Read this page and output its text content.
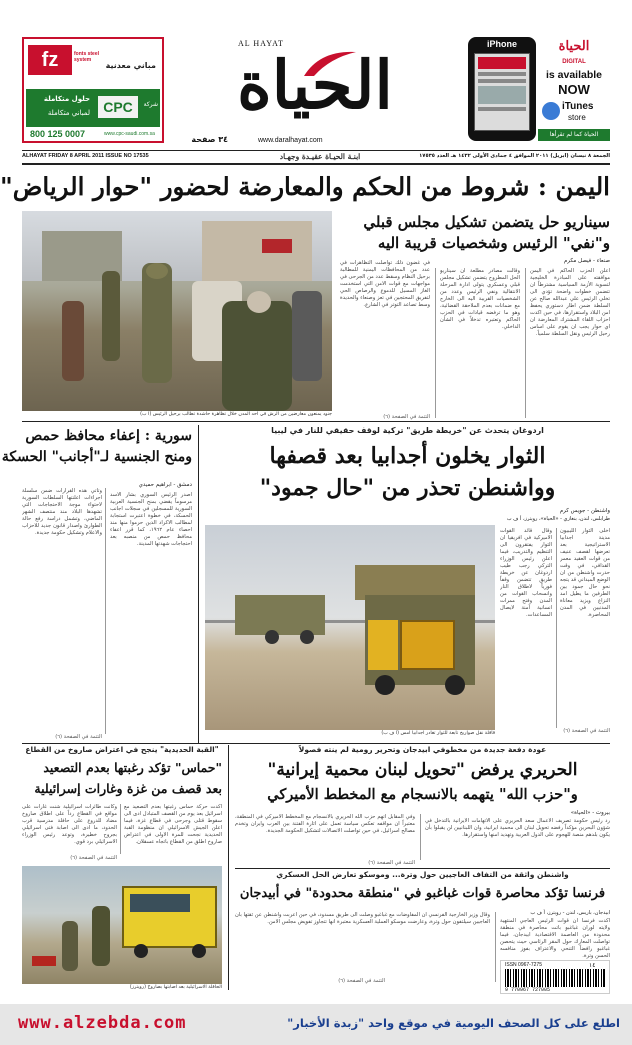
fz	fonts steel system
مباني معدنية
حلول متكاملة
لمباني متكاملة CPC	شركة
800 125 0007	www.cpc-saudi.com.sa
AL HAYAT
الحياة
www.daralhayat.com
٣٤ صفحة
iPhone	الحياة
DIGITAL
is available
NOW
iTunes
store
الحياة كما لم تقرأها
ALHAYAT FRIDAY 8 APRIL 2011 ISSUE NO 17535	ابنـة الحيـاة عقيـدة وجهـاد	الجمعة ٨ نيسان (ابريل) ٢٠١١ الموافق ٤ جمادى الأولى ١٤٣٢ هـ العدد ١٧٥٣٥
اليمن : شروط من الحكم والمعارضة لحضور "حوار الرياض"
سيناريو حل يتضمن تشكيل مجلس قبلي
و"نفي" الرئيس وشخصيات قريبة اليه
جنود يمنعون معارضين من الرش في احد المدن خلال تظاهرة حاشدة تطالب برحيل الرئيس (ا ب)
صنعاء - فيصل مكرم
اعلن الحزب الحاكم في اليمن موافقته على المبادرة الخليجية لتسوية الأزمة السياسية مشترطاً ان تتضمن خطوات واضحة تؤدي الى تخلي الرئيس علي عبدالله صالح عن السلطة ضمن اطار دستوري يحفظ امن البلاد واستقرارها، في حين اكدت احزاب اللقاء المشترك المعارضة ان اي حوار يجب ان يقوم على اساس رحيل الرئيس ونقل السلطة سلمياً.
وقالت مصادر مطلعة ان سيناريو الحل المطروح يتضمن تشكيل مجلس قبلي وعسكري يتولى ادارة المرحلة الانتقالية ونفي الرئيس وعدد من الشخصيات القريبة اليه الى الخارج مع ضمانات بعدم الملاحقة القضائية، وهو ما ترفضه قيادات في الحزب الحاكم وتعتبره تدخلاً في الشأن الداخلي.
في غضون ذلك تواصلت التظاهرات في عدد من المحافظات اليمنية للمطالبة برحيل النظام وسقط عدد من الجرحى في مواجهات مع قوات الامن التي استخدمت الغاز المسيل للدموع والرصاص الحي لتفريق المحتجين في تعز وصنعاء والحديدة وسط تصاعد التوتر في الشارع.
التتمة في الصفحة (٦)
سورية : إعفاء محافظ حمص
ومنح الجنسية لـ"أجانب" الحسكة
دمشق - ابراهيم حميدي
اصدر الرئيس السوري بشار الاسد مرسوماً يقضي بمنح الجنسية العربية السورية للمسجلين في سجلات اجانب الحسكة، في خطوة اعتبرت استجابة لمطالب الاكراد الذين حرموا منها منذ احصاء عام ١٩٦٢، كما قرر اعفاء محافظ حمص من منصبه بعد احتجاجات شهدتها المدينة.
وتأتي هذه القرارات ضمن سلسلة اجراءات اعلنتها السلطات السورية لاحتواء موجة الاحتجاجات التي تشهدها البلاد منذ منتصف الشهر الماضي، وتشمل دراسة رفع حالة الطوارئ واصدار قانون جديد للاحزاب والاعلام وتشكيل حكومة جديدة.
التتمة في الصفحة (٦)
اردوغان يتحدث عن "خريطة طريق" تركية لوقف حقيقي للنار في ليبيا
الثوار يخلون أجدابيا بعد قصفها
وواشنطن تحذر من "حال جمود"
واشنطن - جويس كرم
طرابلس، لندن، بنغازي - «الحياة»، رويترز، أ ف ب
اخلى الثوار الليبيون مدينة اجدابيا الاستراتيجية بعد تعرضها لقصف عنيف من قوات العقيد معمر القذافي، في وقت حذرت واشنطن من ان الوضع الميداني قد يتجه نحو حال جمود بين الطرفين ما يطيل امد النزاع ويزيد معاناة المدنيين في المدن المحاصرة.
وقال قائد القوات الاميركية في افريقيا ان الثوار يفتقرون الى التنظيم والتدريب، فيما اعلن رئيس الوزراء التركي رجب طيب اردوغان عن خريطة طريق تتضمن وقفاً فورياً لاطلاق النار وانسحاب القوات من المدن وفتح ممرات انسانية آمنة لايصال المساعدات.
التتمة في الصفحة (٦)
قافلة نقل صواريخ تابعة للثوار تغادر اجدابيا امس (ا ف ب)
"القبة الحديدية" ينجح في اعتراض صاروخ من القطاع
"حماس" تؤكد رغبتها بعدم التصعيد
بعد قصف من غزة وغارات إسرائيلية
اكدت حركة حماس رغبتها بعدم التصعيد مع اسرائيل بعد يوم من القصف المتبادل ادى الى سقوط قتلى وجرحى في قطاع غزة، فيما اعلن الجيش الاسرائيلي ان منظومة القبة الحديدية نجحت للمرة الاولى في اعتراض صاروخ اطلق من القطاع باتجاه عسقلان.
وكانت طائرات اسرائيلية شنت غارات على مواقع في القطاع رداً على اطلاق صاروخ مضاد للدروع على حافلة مدرسية قرب الحدود، ما ادى الى اصابة فتى اسرائيلي بجروح خطيرة، وتوعد رئيس الوزراء الاسرائيلي برد قوي.
التتمة في الصفحة (٦)
الحافلة الاسرائيلية بعد اصابتها بصاروخ (رويترز)
عودة دفعة جديدة من مخطوفي ابيدجان وتحرير رومية لم ينته فصولاً
الحريري يرفض "تحويل لبنان محمية إيرانية"
و"حزب الله" يتهمه بالانسجام مع المخطط الأميركي
بيروت - «الحياة»
رد رئيس حكومة تصريف الاعمال سعد الحريري على الاتهامات الايرانية بالتدخل في شؤون البحرين مؤكداً رفضه تحويل لبنان الى محمية ايرانية، وان اللبنانيين لن يقبلوا بأن يكون بلدهم منصة للهجوم على الدول العربية وتهديد امنها واستقرارها.
وفي المقابل اتهم حزب الله الحريري بالانسجام مع المخطط الاميركي في المنطقة، معتبراً ان مواقفه تعكس سياسة تعمل على اثارة الفتنة بين العرب وايران وتخدم مصالح اسرائيل، في حين تواصلت الاتصالات لتشكيل الحكومة الجديدة.
التتمة في الصفحة (٦)
واشنطن واثقة من التفاف العاجيين حول وترة... وموسكو تعارض الحل العسكري
فرنسا تؤكد محاصرة قوات غباغبو في "منطقة محدودة" في أبيدجان
ابيدجان، باريس، لندن - رويترز، أ ف ب
اكدت فرنسا ان قوات الرئيس العاجي المنتهية ولايته لوران غباغبو باتت محاصرة في منطقة محدودة من العاصمة الاقتصادية ابيدجان، فيما تواصلت المعارك حول المقر الرئاسي حيث يتحصن غباغبو رافضاً التنحي والاعتراف بفوز منافسه الحسن وترة.
وقال وزير الخارجية الفرنسي ان المفاوضات مع غباغبو وصلت الى طريق مسدود، في حين اعربت واشنطن عن ثقتها بأن العاجيين سيلتفون حول وترة، وعارضت موسكو العملية العسكرية معتبرة انها تتجاوز تفويض مجلس الامن.
التتمة في الصفحة (٦)
ISSN 0967-7275	١٤
9 770967 727005
www.alzebda.com	اطلع على كل الصحف اليومية في موقع واحد "زبدة الأخبار"
